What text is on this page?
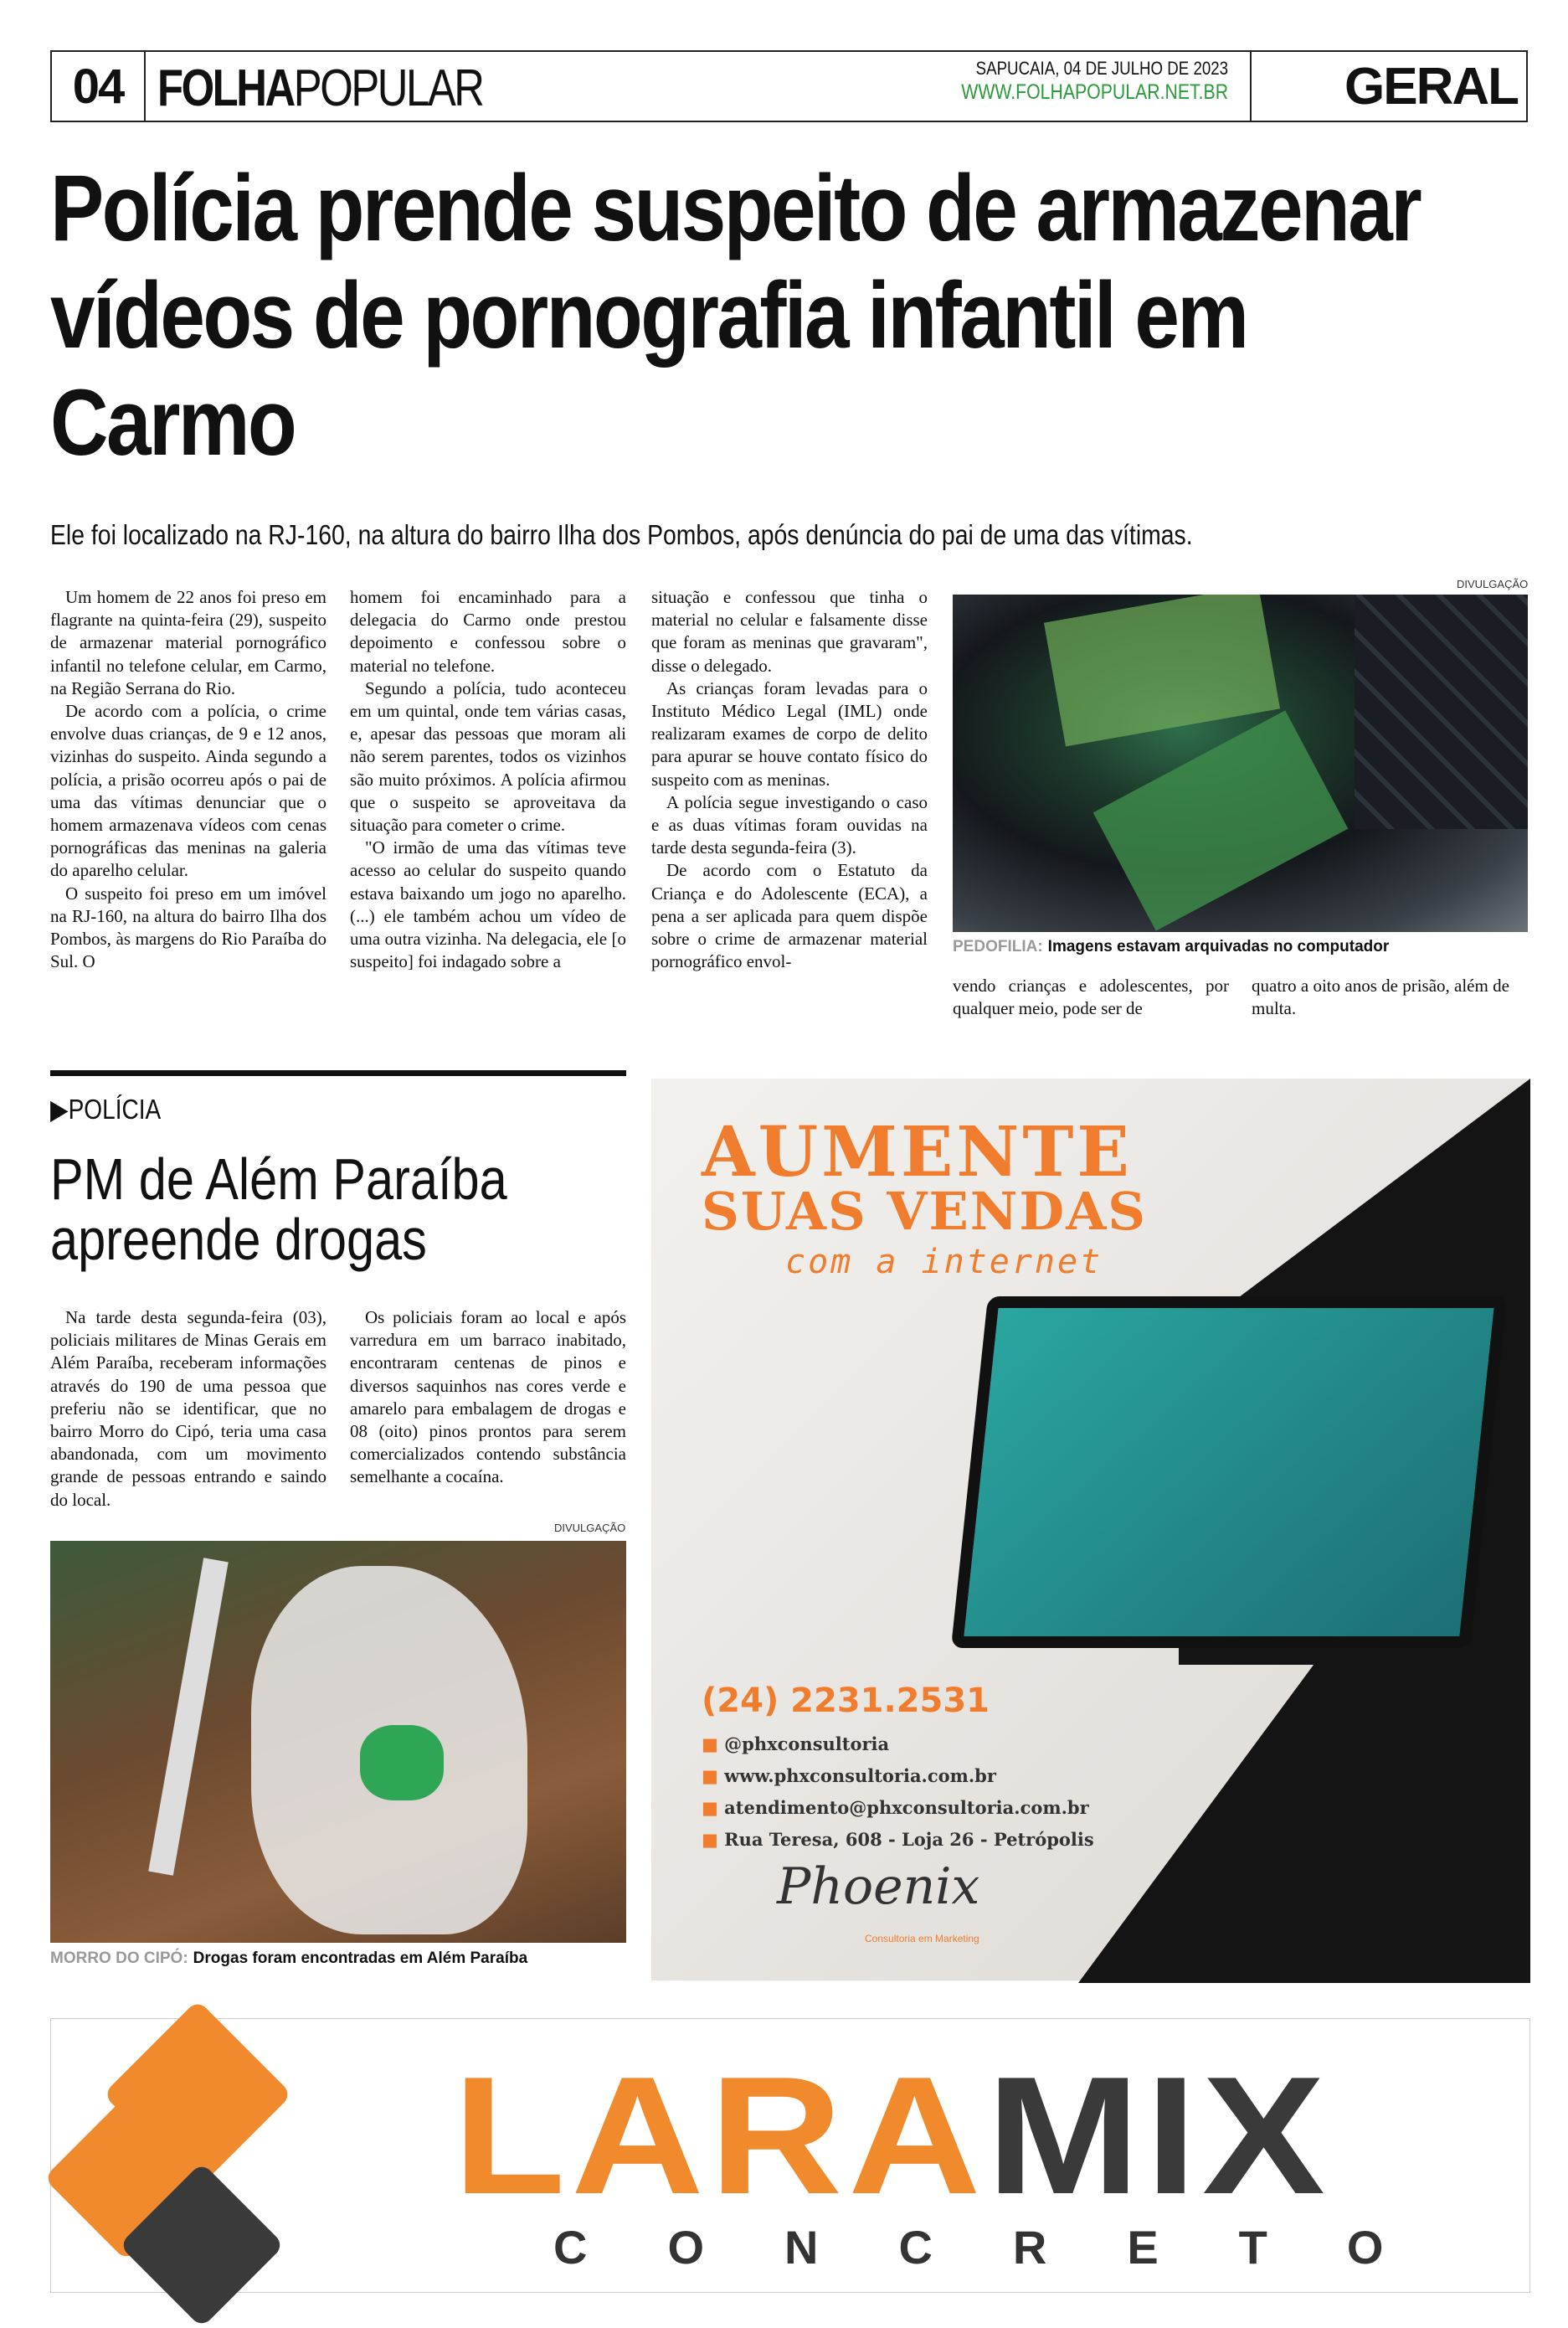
04 FOLHAPOPULAR	SAPUCAIA, 04 DE JULHO DE 2023
WWW.FOLHAPOPULAR.NET.BR	GERAL
Polícia prende suspeito de armazenar vídeos de pornografia infantil em Carmo
Ele foi localizado na RJ-160, na altura do bairro Ilha dos Pombos, após denúncia do pai de uma das vítimas.

Um homem de 22 anos foi preso em flagrante na quinta-feira (29), suspeito de armazenar material pornográfico infantil no telefone celular, em Carmo, na Região Serrana do Rio.

De acordo com a polícia, o crime envolve duas crianças, de 9 e 12 anos, vizinhas do suspeito. Ainda segundo a polícia, a prisão ocorreu após o pai de uma das vítimas denunciar que o homem armazenava vídeos com cenas pornográficas das meninas na galeria do aparelho celular.

O suspeito foi preso em um imóvel na RJ-160, na altura do bairro Ilha dos Pombos, às margens do Rio Paraíba do Sul. O

homem foi encaminhado para a delegacia do Carmo onde prestou depoimento e confessou sobre o material no telefone.

Segundo a polícia, tudo aconteceu em um quintal, onde tem várias casas, e, apesar das pessoas que moram ali não serem parentes, todos os vizinhos são muito próximos. A polícia afirmou que o suspeito se aproveitava da situação para cometer o crime.

"O irmão de uma das vítimas teve acesso ao celular do suspeito quando estava baixando um jogo no aparelho. (...) ele também achou um vídeo de uma outra vizinha. Na delegacia, ele [o suspeito] foi indagado sobre a

situação e confessou que tinha o material no celular e falsamente disse que foram as meninas que gravaram", disse o delegado.

As crianças foram levadas para o Instituto Médico Legal (IML) onde realizaram exames de corpo de delito para apurar se houve contato físico do suspeito com as meninas.

A polícia segue investigando o caso e as duas vítimas foram ouvidas na tarde desta segunda-feira (3).

De acordo com o Estatuto da Criança e do Adolescente (ECA), a pena a ser aplicada para quem dispõe sobre o crime de armazenar material pornográfico envol-

DIVULGAÇÃO
PEDOFILIA: Imagens estavam arquivadas no computador
vendo crianças e adolescentes, por qualquer meio, pode ser de
quatro a oito anos de prisão, além de multa.
▶POLÍCIA
PM de Além Paraíba apreende drogas

Na tarde desta segunda-feira (03), policiais militares de Minas Gerais em Além Paraíba, receberam informações através do 190 de uma pessoa que preferiu não se identificar, que no bairro Morro do Cipó, teria uma casa abandonada, com um movimento grande de pessoas entrando e saindo do local.

Os policiais foram ao local e após varredura em um barraco inabitado, encontraram centenas de pinos e diversos saquinhos nas cores verde e amarelo para embalagem de drogas e 08 (oito) pinos prontos para serem comercializados contendo substância semelhante a cocaína.

DIVULGAÇÃO
MORRO DO CIPÓ: Drogas foram encontradas em Além Paraíba
AUMENTE
SUAS VENDAS
com a internet
(24) 2231.2531
■ @phxconsultoria
■ www.phxconsultoria.com.br
■ atendimento@phxconsultoria.com.br
■ Rua Teresa, 608 - Loja 26 - Petrópolis
Phoenix
Consultoria em Marketing
LARAMIX
CONCRETO
